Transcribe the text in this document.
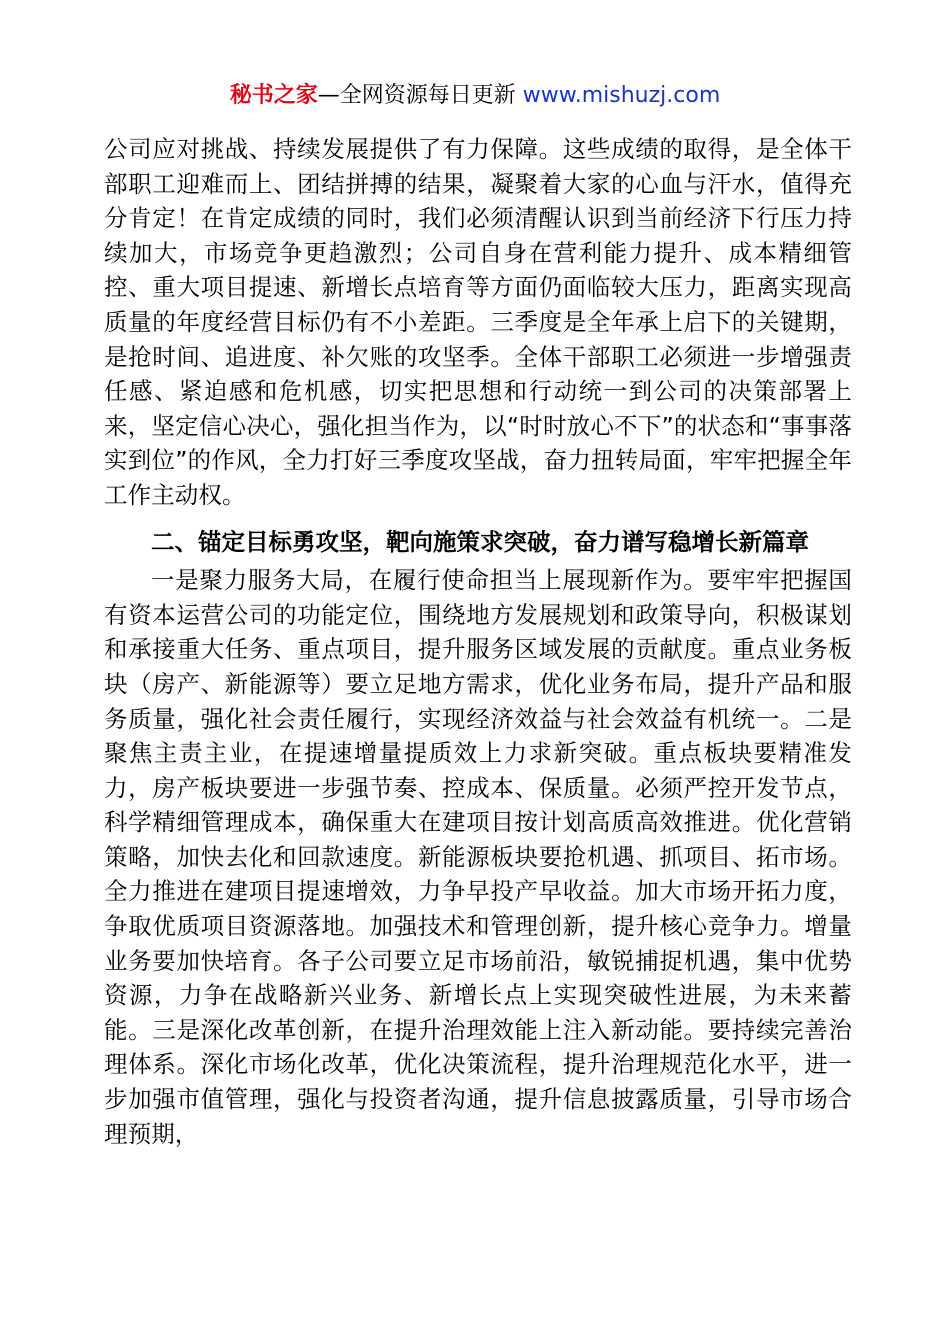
秘书之家—全网资源每日更新 www.mishuzj.com

公司应对挑战、持续发展提供了有力保障。这些成绩的取得，是全体干部职工迎难而上、团结拼搏的结果，凝聚着大家的心血与汗水，值得充分肯定！在肯定成绩的同时，我们必须清醒认识到当前经济下行压力持续加大，市场竞争更趋激烈；公司自身在营利能力提升、成本精细管控、重大项目提速、新增长点培育等方面仍面临较大压力，距离实现高质量的年度经营目标仍有不小差距。三季度是全年承上启下的关键期，是抢时间、追进度、补欠账的攻坚季。全体干部职工必须进一步增强责任感、紧迫感和危机感，切实把思想和行动统一到公司的决策部署上来，坚定信心决心，强化担当作为，以“时时放心不下”的状态和“事事落实到位”的作风，全力打好三季度攻坚战，奋力扭转局面，牢牢把握全年工作主动权。

二、锚定目标勇攻坚，靶向施策求突破，奋力谱写稳增长新篇章

一是聚力服务大局，在履行使命担当上展现新作为。要牢牢把握国有资本运营公司的功能定位，围绕地方发展规划和政策导向，积极谋划和承接重大任务、重点项目，提升服务区域发展的贡献度。重点业务板块（房产、新能源等）要立足地方需求，优化业务布局，提升产品和服务质量，强化社会责任履行，实现经济效益与社会效益有机统一。二是聚焦主责主业，在提速增量提质效上力求新突破。重点板块要精准发力，房产板块要进一步强节奏、控成本、保质量。必须严控开发节点，科学精细管理成本，确保重大在建项目按计划高质高效推进。优化营销策略，加快去化和回款速度。新能源板块要抢机遇、抓项目、拓市场。全力推进在建项目提速增效，力争早投产早收益。加大市场开拓力度，争取优质项目资源落地。加强技术和管理创新，提升核心竞争力。增量业务要加快培育。各子公司要立足市场前沿，敏锐捕捉机遇，集中优势资源，力争在战略新兴业务、新增长点上实现突破性进展，为未来蓄能。三是深化改革创新，在提升治理效能上注入新动能。要持续完善治理体系。深化市场化改革，优化决策流程，提升治理规范化水平，进一步加强市值管理，强化与投资者沟通，提升信息披露质量，引导市场合理预期，
